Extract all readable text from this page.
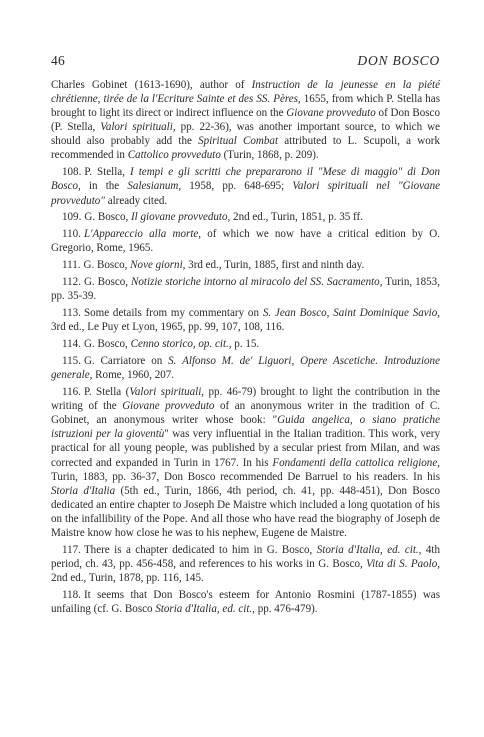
46	DON BOSCO

Charles Gobinet (1613-1690), author of Instruction de la jeunesse en la piété chrétienne, tirée de la l'Ecriture Sainte et des SS. Pères, 1655, from which P. Stella has brought to light its direct or indirect influence on the Giovane provveduto of Don Bosco (P. Stella, Valori spirituali, pp. 22-36), was another important source, to which we should also probably add the Spiritual Combat attributed to L. Scupoli, a work recommended in Cattolico provveduto (Turin, 1868, p. 209).

108. P. Stella, I tempi e gli scritti che prepararono il "Mese di maggio" di Don Bosco, in the Salesianum, 1958, pp. 648-695; Valori spirituali nel "Giovane provveduto" already cited.

109. G. Bosco, Il giovane provveduto, 2nd ed., Turin, 1851, p. 35 ff.

110. L'Appareccio alla morte, of which we now have a critical edition by O. Gregorio, Rome, 1965.

111. G. Bosco, Nove giorni, 3rd ed., Turin, 1885, first and ninth day.

112. G. Bosco, Notizie storiche intorno al miracolo del SS. Sacramento, Turin, 1853, pp. 35-39.

113. Some details from my commentary on S. Jean Bosco, Saint Dominique Savio, 3rd ed., Le Puy et Lyon, 1965, pp. 99, 107, 108, 116.

114. G. Bosco, Cenno storico, op. cit., p. 15.

115. G. Carriatore on S. Alfonso M. de' Liguori, Opere Ascetiche. Introduzione generale, Rome, 1960, 207.

116. P. Stella (Valori spirituali, pp. 46-79) brought to light the contribution in the writing of the Giovane provveduto of an anonymous writer in the tradition of C. Gobinet, an anonymous writer whose book: "Guida angelica, o siano pratiche istruzioni per la gioventù" was very influential in the Italian tradition. This work, very practical for all young people, was published by a secular priest from Milan, and was corrected and expanded in Turin in 1767. In his Fondamenti della cattolica religione, Turin, 1883, pp. 36-37, Don Bosco recommended De Barruel to his readers. In his Storia d'Italia (5th ed., Turin, 1866, 4th period, ch. 41, pp. 448-451), Don Bosco dedicated an entire chapter to Joseph De Maistre which included a long quotation of his on the infallibility of the Pope. And all those who have read the biography of Joseph de Maistre know how close he was to his nephew, Eugene de Maistre.

117. There is a chapter dedicated to him in G. Bosco, Storia d'Italia, ed. cit., 4th period, ch. 43, pp. 456-458, and references to his works in G. Bosco, Vita di S. Paolo, 2nd ed., Turin, 1878, pp. 116, 145.

118. It seems that Don Bosco's esteem for Antonio Rosmini (1787-1855) was unfailing (cf. G. Bosco Storia d'Italia, ed. cit., pp. 476-479).
